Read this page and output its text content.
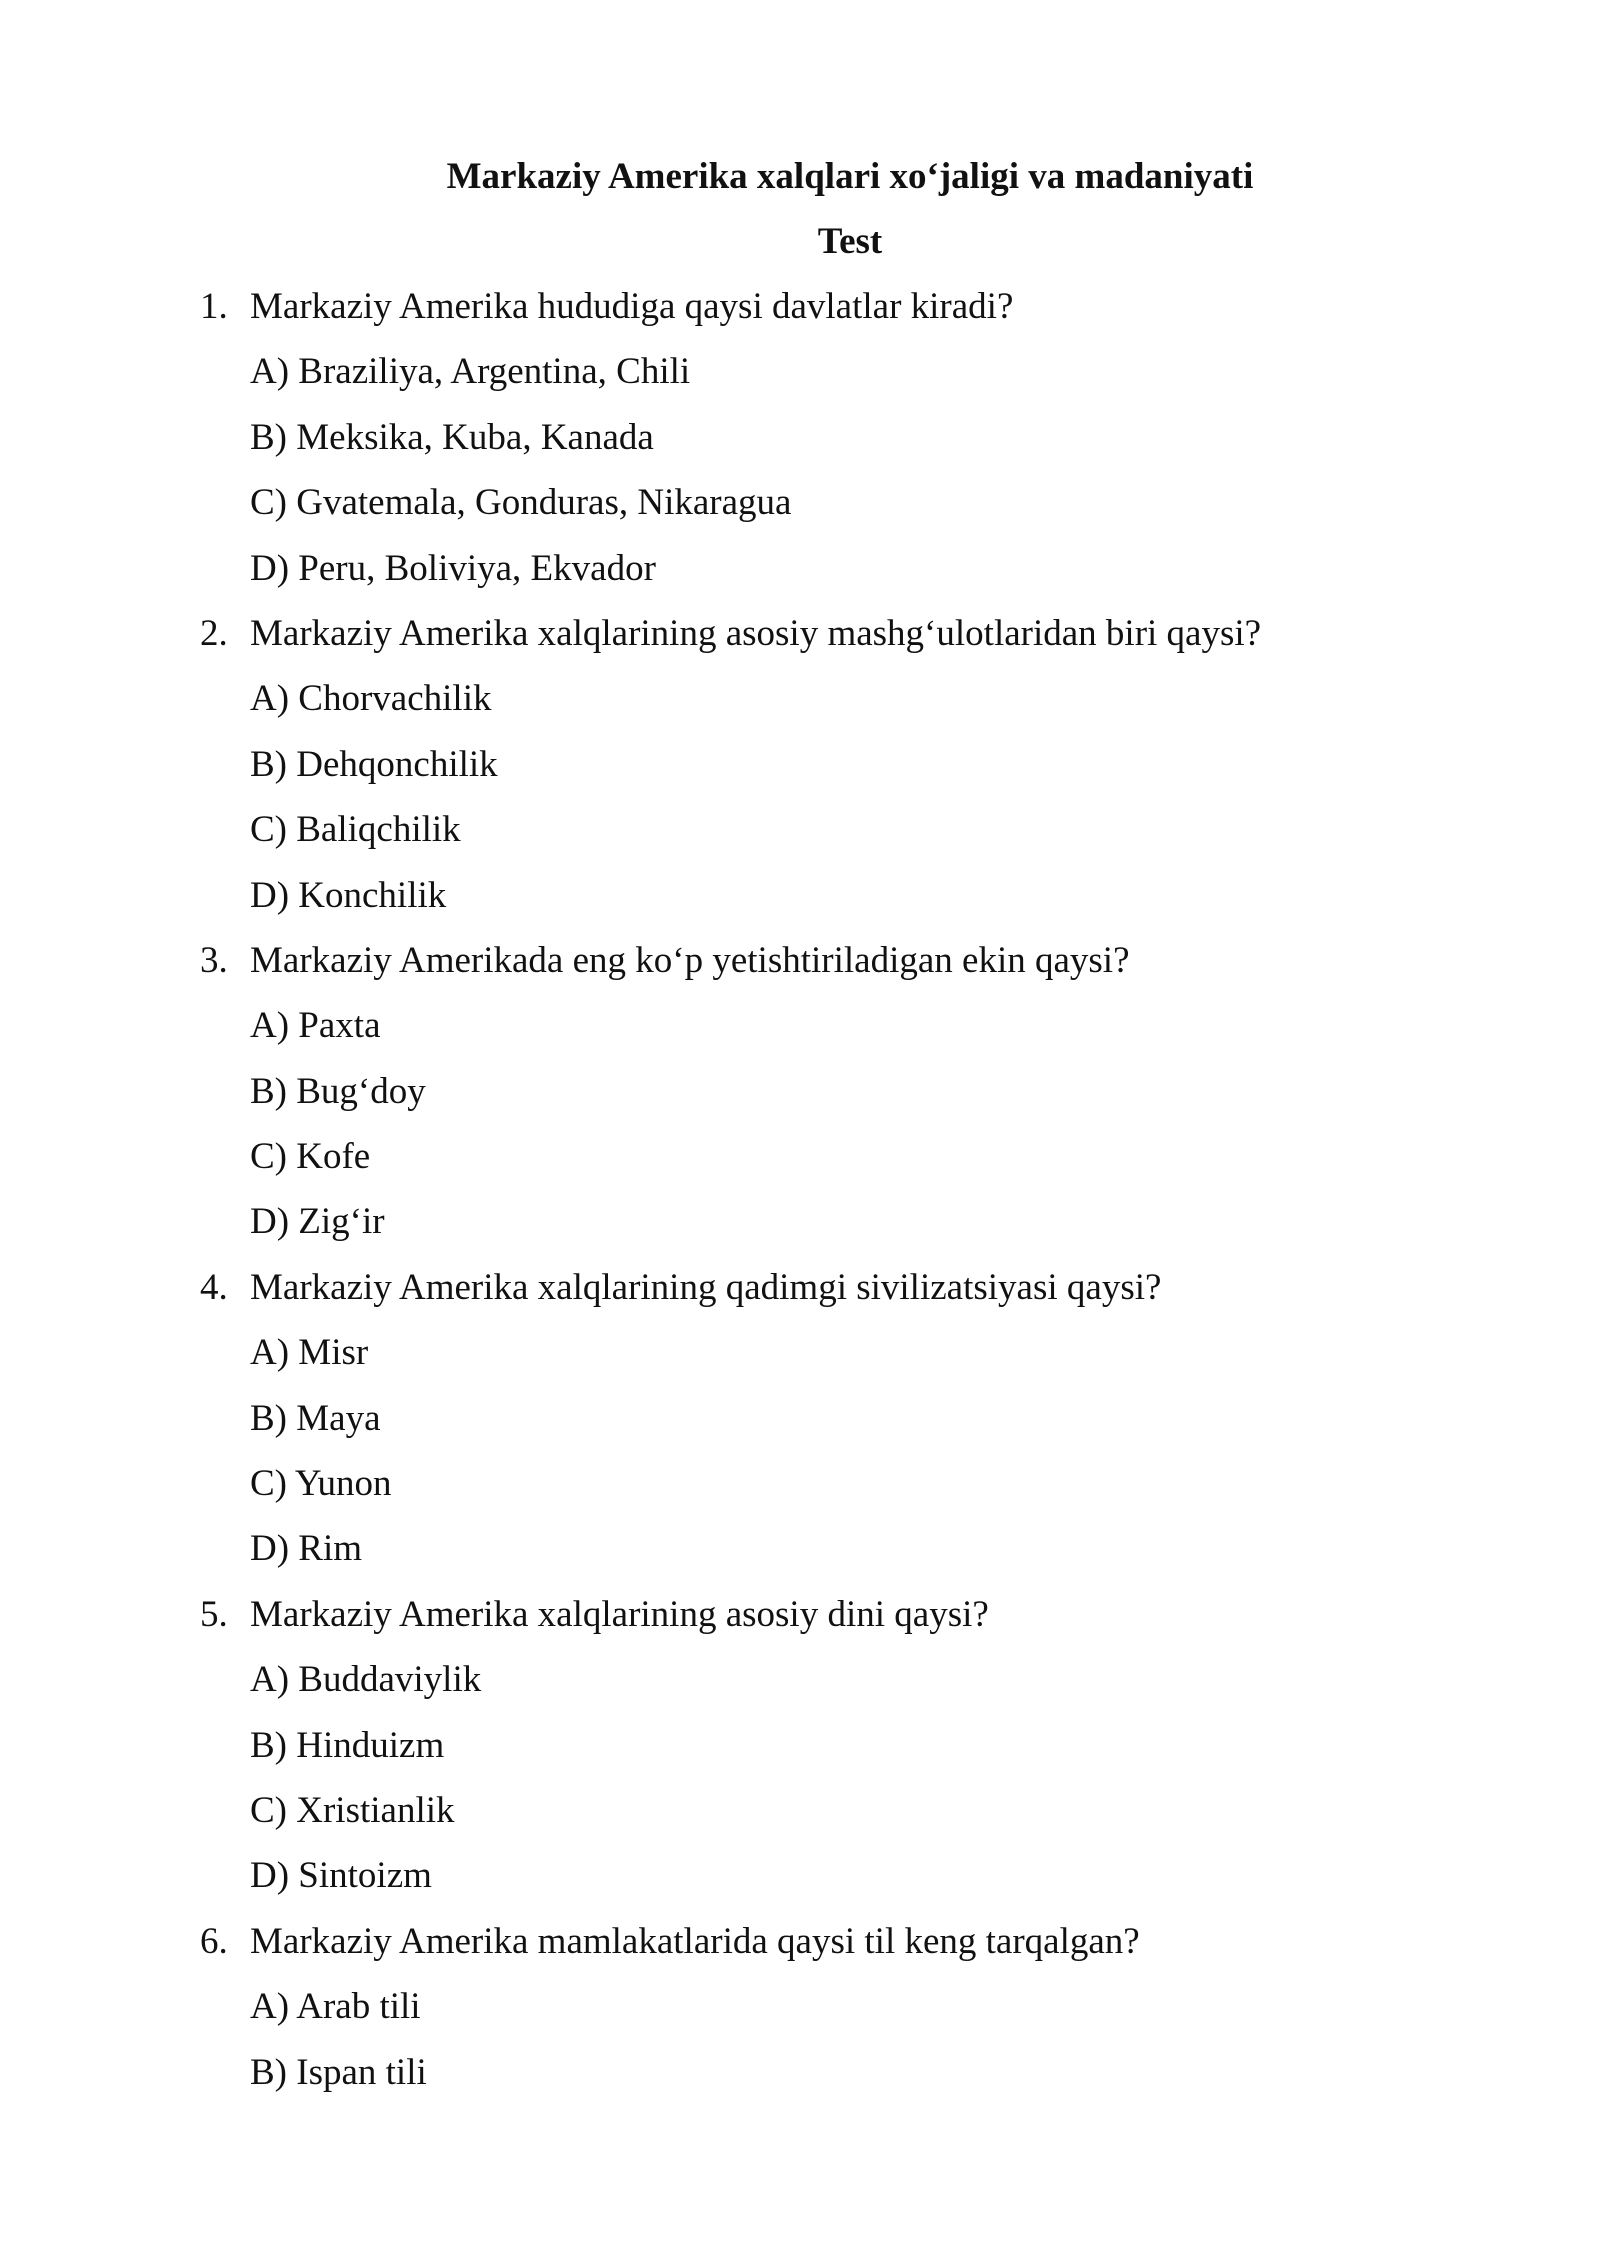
Markaziy Amerika xalqlari xo‘jaligi va madaniyati
Test
1. Markaziy Amerika hududiga qaysi davlatlar kiradi?
A) Braziliya, Argentina, Chili
B) Meksika, Kuba, Kanada
C) Gvatemala, Gonduras, Nikaragua
D) Peru, Boliviya, Ekvador
2. Markaziy Amerika xalqlarining asosiy mashg‘ulotlaridan biri qaysi?
A) Chorvachilik
B) Dehqonchilik
C) Baliqchilik
D) Konchilik
3. Markaziy Amerikada eng ko‘p yetishtiriladigan ekin qaysi?
A) Paxta
B) Bug‘doy
C) Kofe
D) Zig‘ir
4. Markaziy Amerika xalqlarining qadimgi sivilizatsiyasi qaysi?
A) Misr
B) Maya
C) Yunon
D) Rim
5. Markaziy Amerika xalqlarining asosiy dini qaysi?
A) Buddaviylik
B) Hinduizm
C) Xristianlik
D) Sintoizm
6. Markaziy Amerika mamlakatlarida qaysi til keng tarqalgan?
A) Arab tili
B) Ispan tili
